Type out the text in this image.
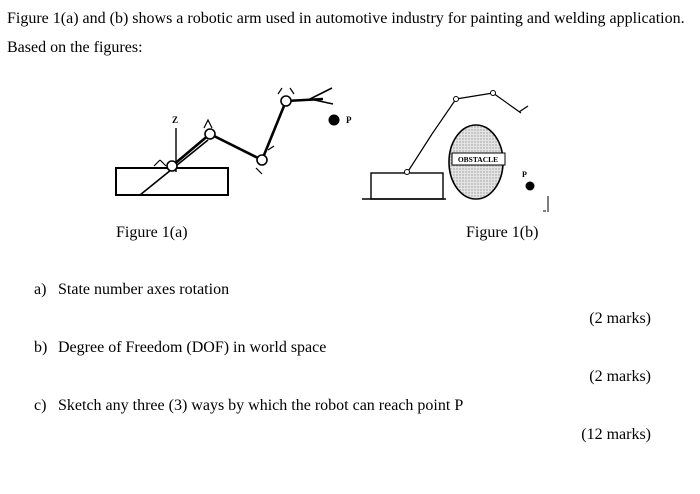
Figure 1(a) and (b) shows a robotic arm used in automotive industry for painting and welding application. Based on the figures:
Z	P
OBSTACLE
P
Figure 1(a)	Figure 1(b)
a) State number axes rotation
(2 marks)
b) Degree of Freedom (DOF) in world space
(2 marks)
c) Sketch any three (3) ways by which the robot can reach point P
(12 marks)
